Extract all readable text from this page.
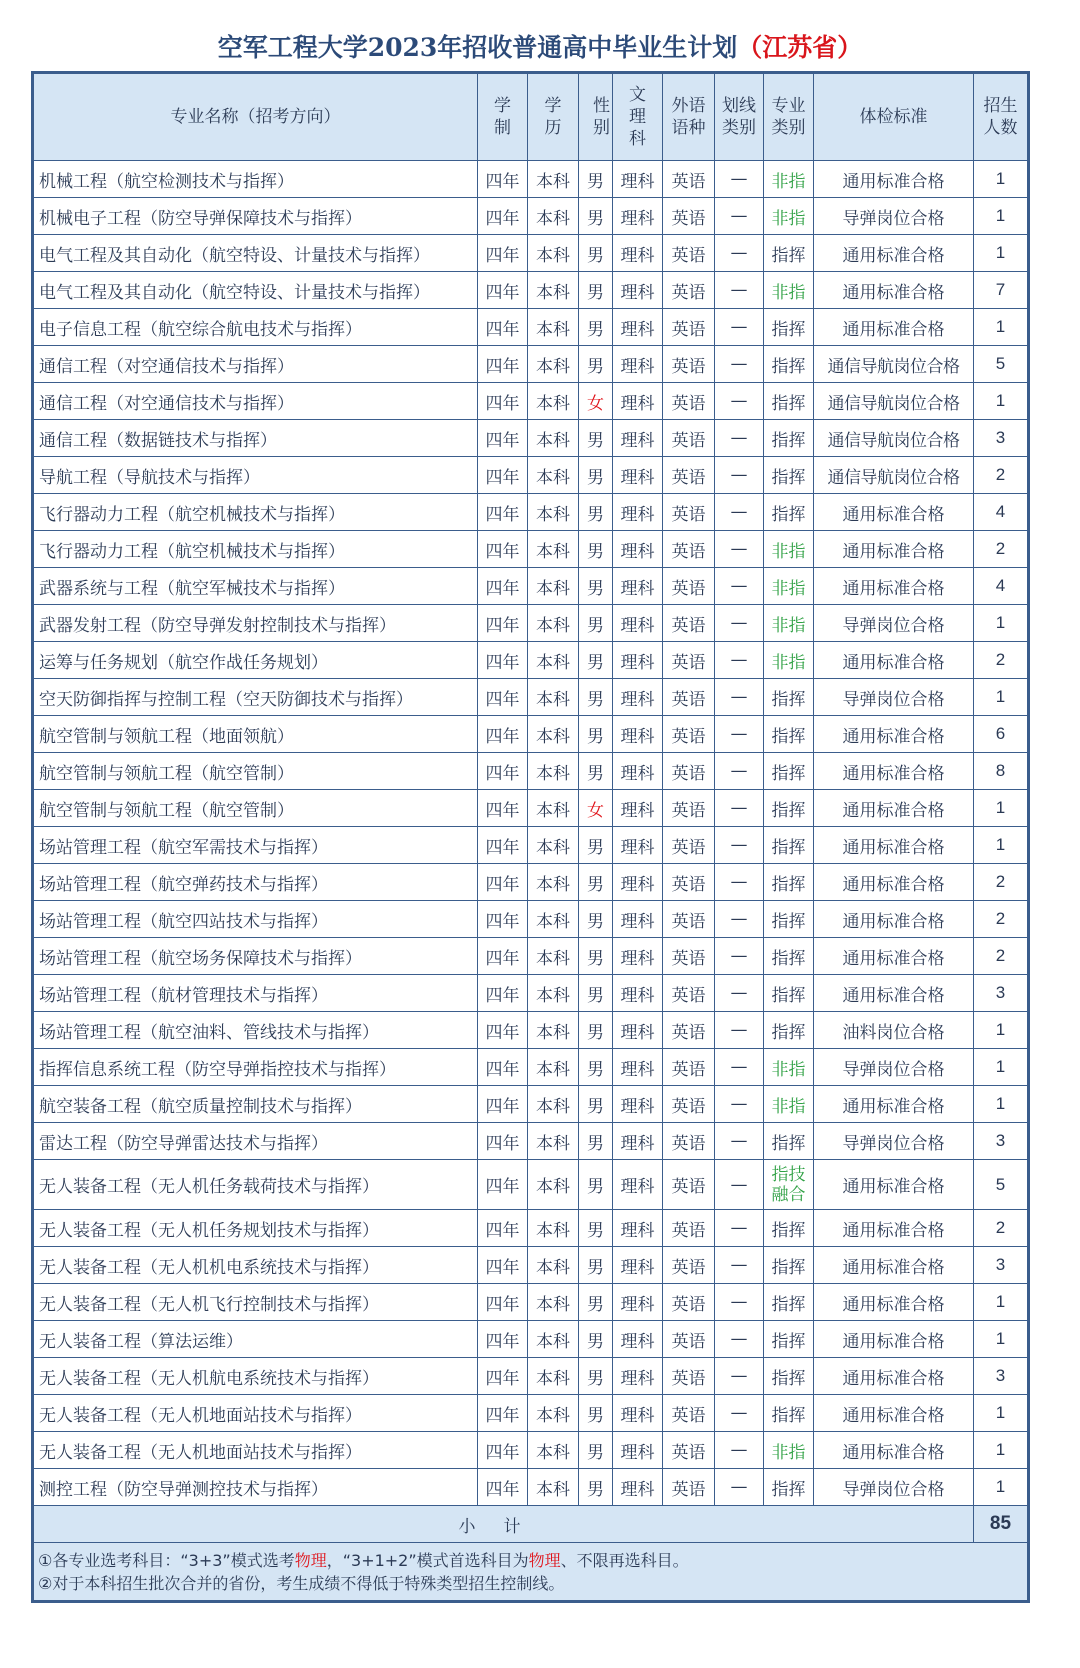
空军工程大学2023年招收普通高中毕业生计划（江苏省）
专业名称（招考方向）	学制	学历	性别	文理科	外语语种	划线类别	专业类别	体检标准	招生人数
机械工程（航空检测技术与指挥）	四年	本科	男	理科	英语	—	非指	通用标准合格	1
机械电子工程（防空导弹保障技术与指挥）	四年	本科	男	理科	英语	—	非指	导弹岗位合格	1
电气工程及其自动化（航空特设、计量技术与指挥）	四年	本科	男	理科	英语	—	指挥	通用标准合格	1
电气工程及其自动化（航空特设、计量技术与指挥）	四年	本科	男	理科	英语	—	非指	通用标准合格	7
电子信息工程（航空综合航电技术与指挥）	四年	本科	男	理科	英语	—	指挥	通用标准合格	1
通信工程（对空通信技术与指挥）	四年	本科	男	理科	英语	—	指挥	通信导航岗位合格	5
通信工程（对空通信技术与指挥）	四年	本科	女	理科	英语	—	指挥	通信导航岗位合格	1
通信工程（数据链技术与指挥）	四年	本科	男	理科	英语	—	指挥	通信导航岗位合格	3
导航工程（导航技术与指挥）	四年	本科	男	理科	英语	—	指挥	通信导航岗位合格	2
飞行器动力工程（航空机械技术与指挥）	四年	本科	男	理科	英语	—	指挥	通用标准合格	4
飞行器动力工程（航空机械技术与指挥）	四年	本科	男	理科	英语	—	非指	通用标准合格	2
武器系统与工程（航空军械技术与指挥）	四年	本科	男	理科	英语	—	非指	通用标准合格	4
武器发射工程（防空导弹发射控制技术与指挥）	四年	本科	男	理科	英语	—	非指	导弹岗位合格	1
运筹与任务规划（航空作战任务规划）	四年	本科	男	理科	英语	—	非指	通用标准合格	2
空天防御指挥与控制工程（空天防御技术与指挥）	四年	本科	男	理科	英语	—	指挥	导弹岗位合格	1
航空管制与领航工程（地面领航）	四年	本科	男	理科	英语	—	指挥	通用标准合格	6
航空管制与领航工程（航空管制）	四年	本科	男	理科	英语	—	指挥	通用标准合格	8
航空管制与领航工程（航空管制）	四年	本科	女	理科	英语	—	指挥	通用标准合格	1
场站管理工程（航空军需技术与指挥）	四年	本科	男	理科	英语	—	指挥	通用标准合格	1
场站管理工程（航空弹药技术与指挥）	四年	本科	男	理科	英语	—	指挥	通用标准合格	2
场站管理工程（航空四站技术与指挥）	四年	本科	男	理科	英语	—	指挥	通用标准合格	2
场站管理工程（航空场务保障技术与指挥）	四年	本科	男	理科	英语	—	指挥	通用标准合格	2
场站管理工程（航材管理技术与指挥）	四年	本科	男	理科	英语	—	指挥	通用标准合格	3
场站管理工程（航空油料、管线技术与指挥）	四年	本科	男	理科	英语	—	指挥	油料岗位合格	1
指挥信息系统工程（防空导弹指控技术与指挥）	四年	本科	男	理科	英语	—	非指	导弹岗位合格	1
航空装备工程（航空质量控制技术与指挥）	四年	本科	男	理科	英语	—	非指	通用标准合格	1
雷达工程（防空导弹雷达技术与指挥）	四年	本科	男	理科	英语	—	指挥	导弹岗位合格	3
无人装备工程（无人机任务载荷技术与指挥）	四年	本科	男	理科	英语	—	指技融合	通用标准合格	5
无人装备工程（无人机任务规划技术与指挥）	四年	本科	男	理科	英语	—	指挥	通用标准合格	2
无人装备工程（无人机机电系统技术与指挥）	四年	本科	男	理科	英语	—	指挥	通用标准合格	3
无人装备工程（无人机飞行控制技术与指挥）	四年	本科	男	理科	英语	—	指挥	通用标准合格	1
无人装备工程（算法运维）	四年	本科	男	理科	英语	—	指挥	通用标准合格	1
无人装备工程（无人机航电系统技术与指挥）	四年	本科	男	理科	英语	—	指挥	通用标准合格	3
无人装备工程（无人机地面站技术与指挥）	四年	本科	男	理科	英语	—	指挥	通用标准合格	1
无人装备工程（无人机地面站技术与指挥）	四年	本科	男	理科	英语	—	非指	通用标准合格	1
测控工程（防空导弹测控技术与指挥）	四年	本科	男	理科	英语	—	指挥	导弹岗位合格	1
小计									85

①各专业选考科目：“3+3”模式选考物理，“3+1+2”模式首选科目为物理、不限再选科目。
②对于本科招生批次合并的省份，考生成绩不得低于特殊类型招生控制线。									
